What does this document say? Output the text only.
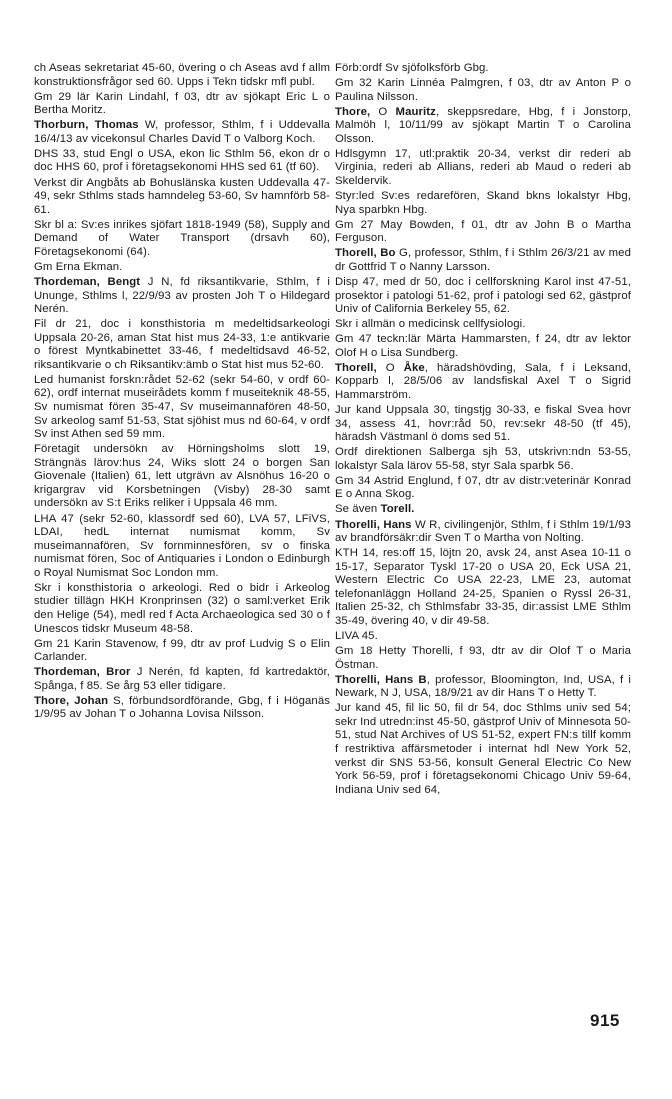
ch Aseas sekretariat 45-60, övering o ch Aseas avd f allm konstruktionsfrågor sed 60. Upps i Tekn tidskr mfl publ.
Gm 29 lär Karin Lindahl, f 03, dtr av sjökapt Eric L o Bertha Moritz.
Thorburn, Thomas W, professor, Sthlm, f i Uddevalla 16/4/13 av vicekonsul Charles David T o Valborg Koch.
DHS 33, stud Engl o USA, ekon lic Sthlm 56, ekon dr o doc HHS 60, prof i företagsekonomi HHS sed 61 (tf 60).
Verkst dir Angbåts ab Bohuslänska kusten Uddevalla 47-49, sekr Sthlms stads hamndeleg 53-60, Sv hamnförb 58-61.
Skr bl a: Sv:es inrikes sjöfart 1818-1949 (58), Supply and Demand of Water Transport (drsavh 60), Företagsekonomi (64).
Gm Erna Ekman.
Thordeman, Bengt J N, fd riksantikvarie, Sthlm, f i Ununge, Sthlms l, 22/9/93 av prosten Joh T o Hildegard Nerén.
Fil dr 21, doc i konsthistoria m medeltidsarkeologi Uppsala 20-26, aman Stat hist mus 24-33, 1:e antikvarie o förest Myntkabinettet 33-46, f medeltidsavd 46-52, riksantikvarie o ch Riksantikv:ämb o Stat hist mus 52-60.
Led humanist forskn:rådet 52-62 (sekr 54-60, v ordf 60-62), ordf internat museirådets komm f museiteknik 48-55, Sv numismat fören 35-47, Sv museimannafören 48-50, Sv arkeolog samf 51-53, Stat sjöhist mus nd 60-64, v ordf Sv inst Athen sed 59 mm.
Företagit undersökn av Hörningsholms slott 19, Strängnäs lärov:hus 24, Wiks slott 24 o borgen San Giovenale (Italien) 61, lett utgrävn av Alsnöhus 16-20 o krigargrav vid Korsbetningen (Visby) 28-30 samt undersökn av S:t Eriks reliker i Uppsala 46 mm.
LHA 47 (sekr 52-60, klassordf sed 60), LVA 57, LFiVS, LDAI, hedL internat numismat komm, Sv museimannafören, Sv fornminnesfören, sv o finska numismat fören, Soc of Antiquaries i London o Edinburgh o Royal Numismat Soc London mm.
Skr i konsthistoria o arkeologi. Red o bidr i Arkeolog studier tillägn HKH Kronprinsen (32) o saml:verket Erik den Helige (54), medl red f Acta Archaeologica sed 30 o f Unescos tidskr Museum 48-58.
Gm 21 Karin Stavenow, f 99, dtr av prof Ludvig S o Elin Carlander.
Thordeman, Bror J Nerén, fd kapten, fd kartredaktör, Spånga, f 85. Se årg 53 eller tidigare.
Thore, Johan S, förbundsordförande, Gbg, f i Höganäs 1/9/95 av Johan T o Johanna Lovisa Nilsson.
Förb:ordf Sv sjöfolksförb Gbg.
Gm 32 Karin Linnéa Palmgren, f 03, dtr av Anton P o Paulina Nilsson.
Thore, O Mauritz, skeppsredare, Hbg, f i Jonstorp, Malmöh l, 10/11/99 av sjökapt Martin T o Carolina Olsson.
Hdlsgymn 17, utl:praktik 20-34, verkst dir rederi ab Virginia, rederi ab Allians, rederi ab Maud o rederi ab Skeldervik.
Styr:led Sv:es redarefören, Skand bkns lokalstyr Hbg, Nya sparbkn Hbg.
Gm 27 May Bowden, f 01, dtr av John B o Martha Ferguson.
Thorell, Bo G, professor, Sthlm, f i Sthlm 26/3/21 av med dr Gottfrid T o Nanny Larsson.
Disp 47, med dr 50, doc i cellforskning Karol inst 47-51, prosektor i patologi 51-62, prof i patologi sed 62, gästprof Univ of California Berkeley 55, 62.
Skr i allmän o medicinsk cellfysiologi.
Gm 47 teckn:lär Märta Hammarsten, f 24, dtr av lektor Olof H o Lisa Sundberg.
Thorell, O Åke, häradshövding, Sala, f i Leksand, Kopparb l, 28/5/06 av landsfiskal Axel T o Sigrid Hammarström.
Jur kand Uppsala 30, tingstjg 30-33, e fiskal Svea hovr 34, assess 41, hovr:råd 50, rev:sekr 48-50 (tf 45), häradsh Västmanl ö doms sed 51.
Ordf direktionen Salberga sjh 53, utskrivn:ndn 53-55, lokalstyr Sala lärov 55-58, styr Sala sparbk 56.
Gm 34 Astrid Englund, f 07, dtr av distr:veterinär Konrad E o Anna Skog.
Se även Torell.
Thorelli, Hans W R, civilingenjör, Sthlm, f i Sthlm 19/1/93 av brandförsäkr:dir Sven T o Martha von Nolting.
KTH 14, res:off 15, löjtn 20, avsk 24, anst Asea 10-11 o 15-17, Separator Tyskl 17-20 o USA 20, Eck USA 21, Western Electric Co USA 22-23, LME 23, automat telefonanläggn Holland 24-25, Spanien o Ryssl 26-31, Italien 25-32, ch Sthlmsfabr 33-35, dir:assist LME Sthlm 35-49, övering 40, v dir 49-58.
LIVA 45.
Gm 18 Hetty Thorelli, f 93, dtr av dir Olof T o Maria Östman.
Thorelli, Hans B, professor, Bloomington, Ind, USA, f i Newark, N J, USA, 18/9/21 av dir Hans T o Hetty T.
Jur kand 45, fil lic 50, fil dr 54, doc Sthlms univ sed 54; sekr Ind utredn:inst 45-50, gästprof Univ of Minnesota 50-51, stud Nat Archives of US 51-52, expert FN:s tillf komm f restriktiva affärsmetoder i internat hdl New York 52, verkst dir SNS 53-56, konsult General Electric Co New York 56-59, prof i företagsekonomi Chicago Univ 59-64, Indiana Univ sed 64,
915
